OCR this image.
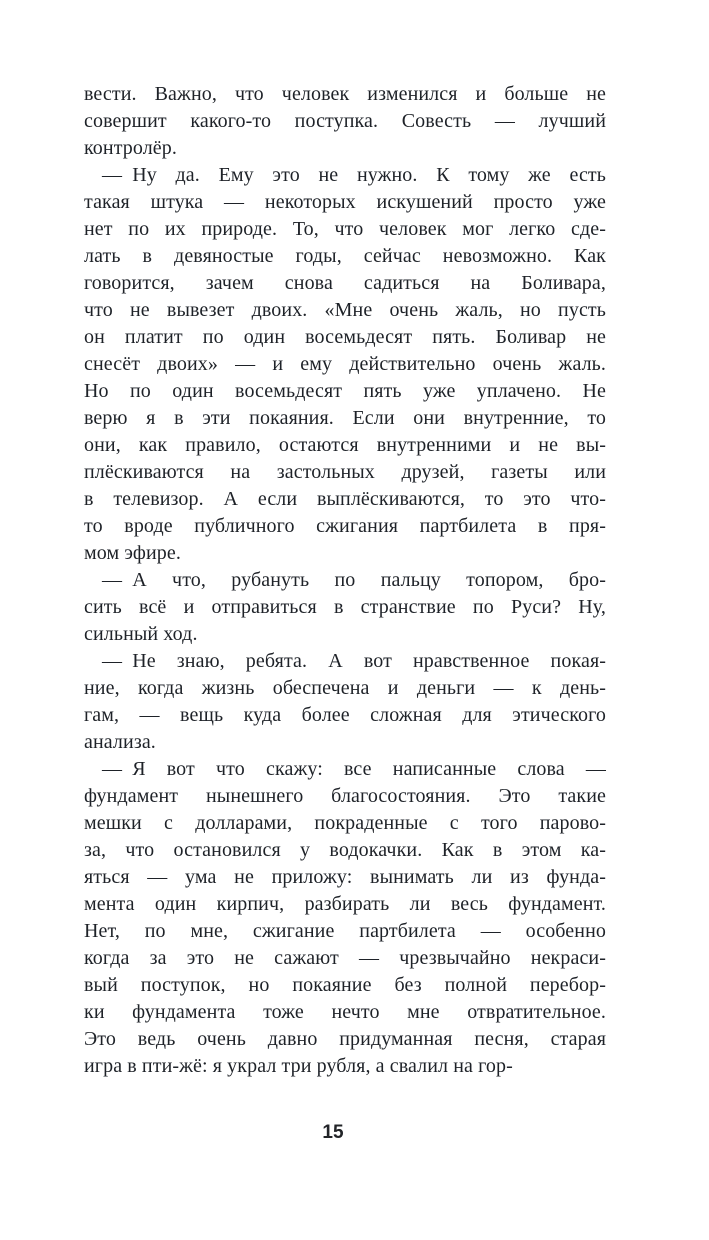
вести. Важно, что человек изменился и больше не
совершит какого-то поступка. Совесть — лучший
контролёр.
— Ну да. Ему это не нужно. К тому же есть
такая штука — некоторых искушений просто уже
нет по их природе. То, что человек мог легко сде-
лать в девяностые годы, сейчас невозможно. Как
говорится, зачем снова садиться на Боливара,
что не вывезет двоих. «Мне очень жаль, но пусть
он платит по один восемьдесят пять. Боливар не
снесёт двоих» — и ему действительно очень жаль.
Но по один восемьдесят пять уже уплачено. Не
верю я в эти покаяния. Если они внутренние, то
они, как правило, остаются внутренними и не вы-
плёскиваются на застольных друзей, газеты или
в телевизор. А если выплёскиваются, то это что-
то вроде публичного сжигания партбилета в пря-
мом эфире.
— А что, рубануть по пальцу топором, бро-
сить всё и отправиться в странствие по Руси? Ну,
сильный ход.
— Не знаю, ребята. А вот нравственное покая-
ние, когда жизнь обеспечена и деньги — к день-
гам, — вещь куда более сложная для этического
анализа.
— Я вот что скажу: все написанные слова —
фундамент нынешнего благосостояния. Это такие
мешки с долларами, покраденные с того парово-
за, что остановился у водокачки. Как в этом ка-
яться — ума не приложу: вынимать ли из фунда-
мента один кирпич, разбирать ли весь фундамент.
Нет, по мне, сжигание партбилета — особенно
когда за это не сажают — чрезвычайно некраси-
вый поступок, но покаяние без полной перебор-
ки фундамента тоже нечто мне отвратительное.
Это ведь очень давно придуманная песня, старая
игра в пти-жё: я украл три рубля, а свалил на гор-
15
